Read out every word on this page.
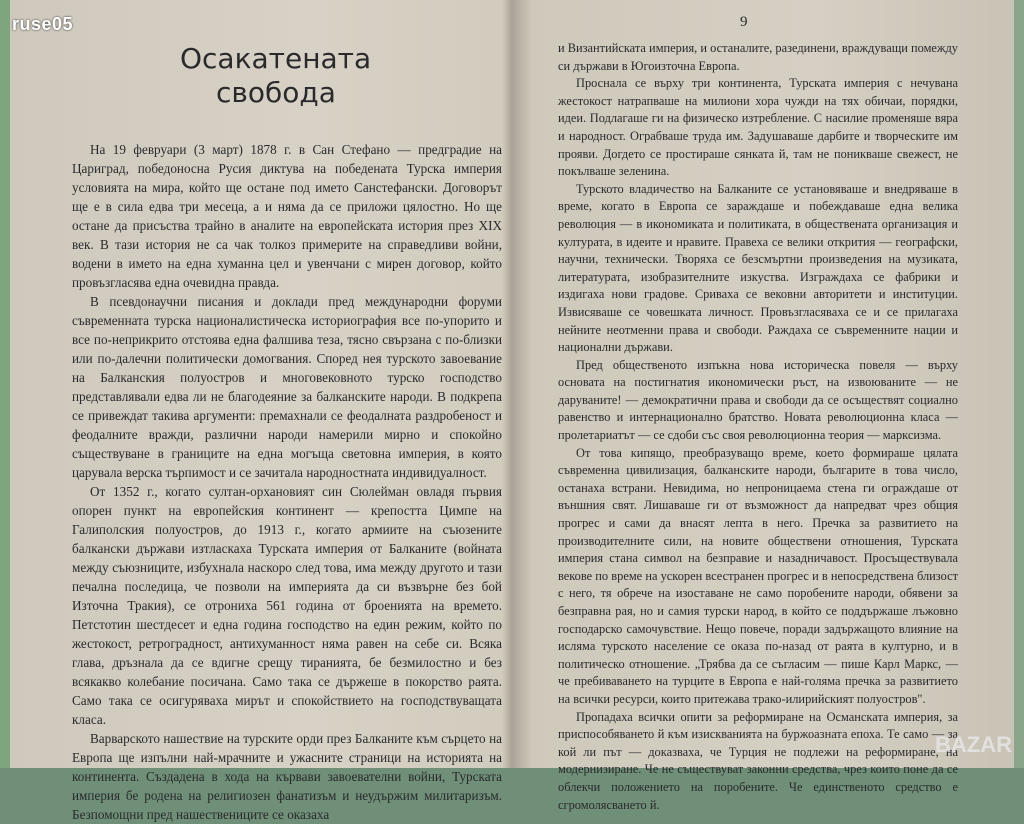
Осакатената
свобода

На 19 февруари (3 март) 1878 г. в Сан Стефано — предградие на Цариград, победоносна Русия диктува на победената Турска империя условията на мира, който ще остане под името Санстефански. Договорът ще е в сила едва три месеца, а и няма да се приложи цялостно. Но ще остане да присъства трайно в аналите на европейската история през XIX век. В тази история не са чак толкоз примерите на справедливи войни, водени в името на една хуманна цел и увенчани с мирен договор, който провъзгласява една очевидна правда.

В псевдонаучни писания и доклади пред международни форуми съвременната турска националистическа историография все по-упорито и все по-неприкрито отстоява една фалшива теза, тясно свързана с по-близки или по-далечни политически домогвания. Според нея турското завоевание на Балканския полуостров и многовековното турско господство представлявали едва ли не благодеяние за балканските народи. В подкрепа се привеждат такива аргументи: премахнали се феодалната раздробеност и феодалните вражди, различни народи намерили мирно и спокойно съществуване в границите на една могъща световна империя, в която царувала верска търпимост и се зачитала народностната индивидуалност.

От 1352 г., когато султан-орхановият син Сюлейман овладя първия опорен пункт на европейския континент — крепостта Цимпе на Галиполския полуостров, до 1913 г., когато армиите на съюзените балкански държави изтласкаха Турската империя от Балканите (войната между съюзниците, избухнала наскоро след това, има между другото и тази печална последица, че позволи на империята да си възвърне без бой Източна Тракия), се отрониха 561 година от броенията на времето. Петстотин шестдесет и една година господство на един режим, който по жестокост, ретроградност, антихуманност няма равен на себе си. Всяка глава, дръзнала да се вдигне срещу тиранията, бе безмилостно и без всякакво колебание посичана. Само така се държеше в покорство раята. Само така се осигуряваха мирът и спокойствието на господствуващата класа.

Варварското нашествие на турските орди през Балканите към сърцето на Европа ще изпълни най-мрачните и ужасните страници на историята на континента. Създадена в хода на кървави завоевателни войни, Турската империя бе родена на религиозен фанатизъм и неудържим милитаризъм. Безпомощни пред нашествениците се оказаха

9

и Византийската империя, и останалите, разединени, враждуващи помежду си държави в Югоизточна Европа.

Проснала се върху три континента, Турската империя с нечувана жестокост натрапваше на милиони хора чужди на тях обичаи, порядки, идеи. Подлагаше ги на физическо изтребление. С насилие променяше вяра и народност. Ограбваше труда им. Задушаваше дарбите и творческите им прояви. Догдето се простираше сянката й, там не поникваше свежест, не покълваше зеленина.

Турското владичество на Балканите се установяваше и внедряваше в време, когато в Европа се зараждаше и побеждаваше една велика революция — в икономиката и политиката, в обществената организация и културата, в идеите и нравите. Правеха се велики открития — географски, научни, технически. Творяха се безсмъртни произведения на музиката, литературата, изобразителните изкуства. Изграждаха се фабрики и издигаха нови градове. Сриваха се вековни авторитети и институции. Извисяваше се човешката личност. Провъзгласяваха се и се прилагаха нейните неотменни права и свободи. Раждаха се съвременните нации и национални държави.

Пред общественото изпъкна нова историческа повеля — върху основата на постигнатия икономически ръст, на извоюваните — не даруваните! — демократични права и свободи да се осъществят социално равенство и интернационално братство. Новата революционна класа — пролетариатът — се сдоби със своя революционна теория — марксизма.

От това кипящо, преобразуващо време, което формираше цялата съвременна цивилизация, балканските народи, българите в това число, останаха встрани. Невидима, но непроницаема стена ги ограждаше от външния свят. Лишаваше ги от възможност да напредват чрез общия прогрес и сами да внасят лепта в него. Пречка за развитието на производителните сили, на новите обществени отношения, Турската империя стана символ на безправие и назадничавост. Просъществувала векове по време на ускорен всестранен прогрес и в непосредствена близост с него, тя обрече на изоставане не само поробените народи, обявени за безправна рая, но и самия турски народ, в който се поддържаше лъжовно господарско самочувствие. Нещо повече, поради задържащото влияние на ислямa турското население се оказа по-назад от раята в културно, и в политическо отношение. „Трябва да се съгласим — пише Карл Маркс, — че пребиваването на турците в Европа е най-голяма пречка за развитието на всички ресурси, които притежава трако-илирийският полуостров".

Пропадаха всички опити за реформиране на Османската империя, за приспособяването й към изискванията на буржоазната епоха. Те само — за кой ли път — доказваха, че Турция не подлежи на реформиране, на модернизиране. Че не съществуват законни средства, чрез които поне да се облекчи положението на поробените. Че единственото средство е сгромолясването й.

ruse05
BAZAR
